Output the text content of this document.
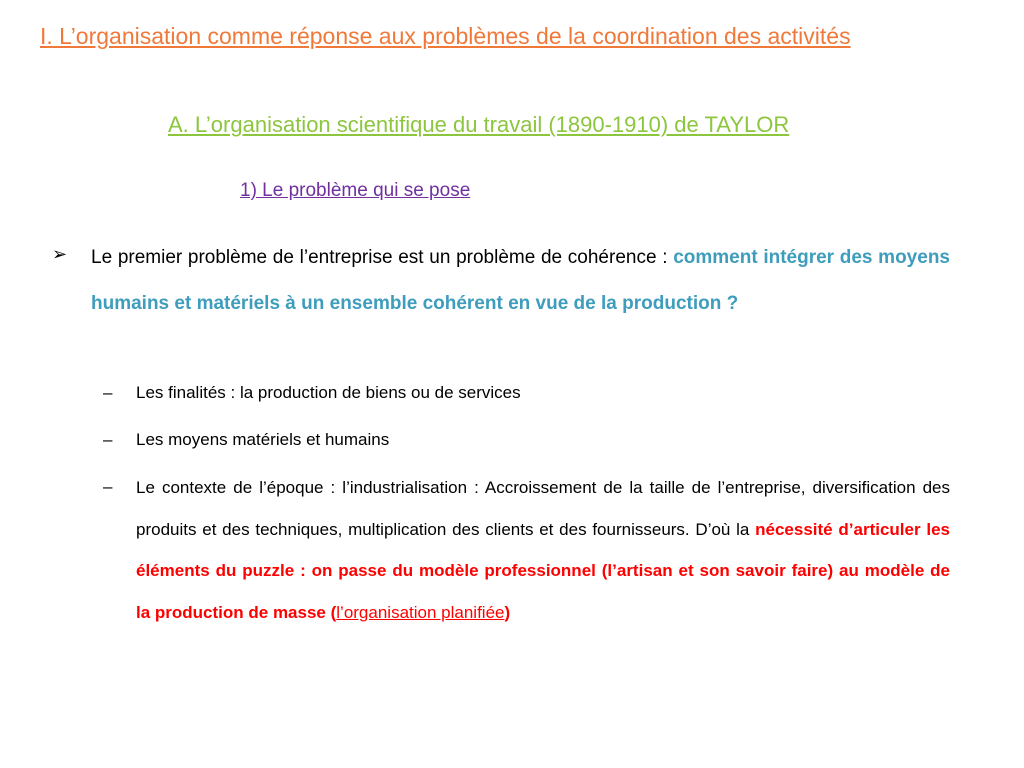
I. L’organisation comme réponse aux problèmes de la coordination des activités
A. L’organisation scientifique du travail (1890-1910) de TAYLOR
1) Le problème qui se pose
➢ Le premier problème de l’entreprise est un problème de cohérence : comment intégrer des moyens humains et matériels à un ensemble cohérent en vue de la production ?

– Les finalités : la production de biens ou de services

– Les moyens matériels et humains

– Le contexte de l’époque : l’industrialisation : Accroissement de la taille de l’entreprise, diversification des produits et des techniques, multiplication des clients et des fournisseurs. D’où la nécessité d’articuler les éléments du puzzle : on passe du modèle professionnel (l’artisan et son savoir faire) au modèle de la production de masse (l’organisation planifiée)
